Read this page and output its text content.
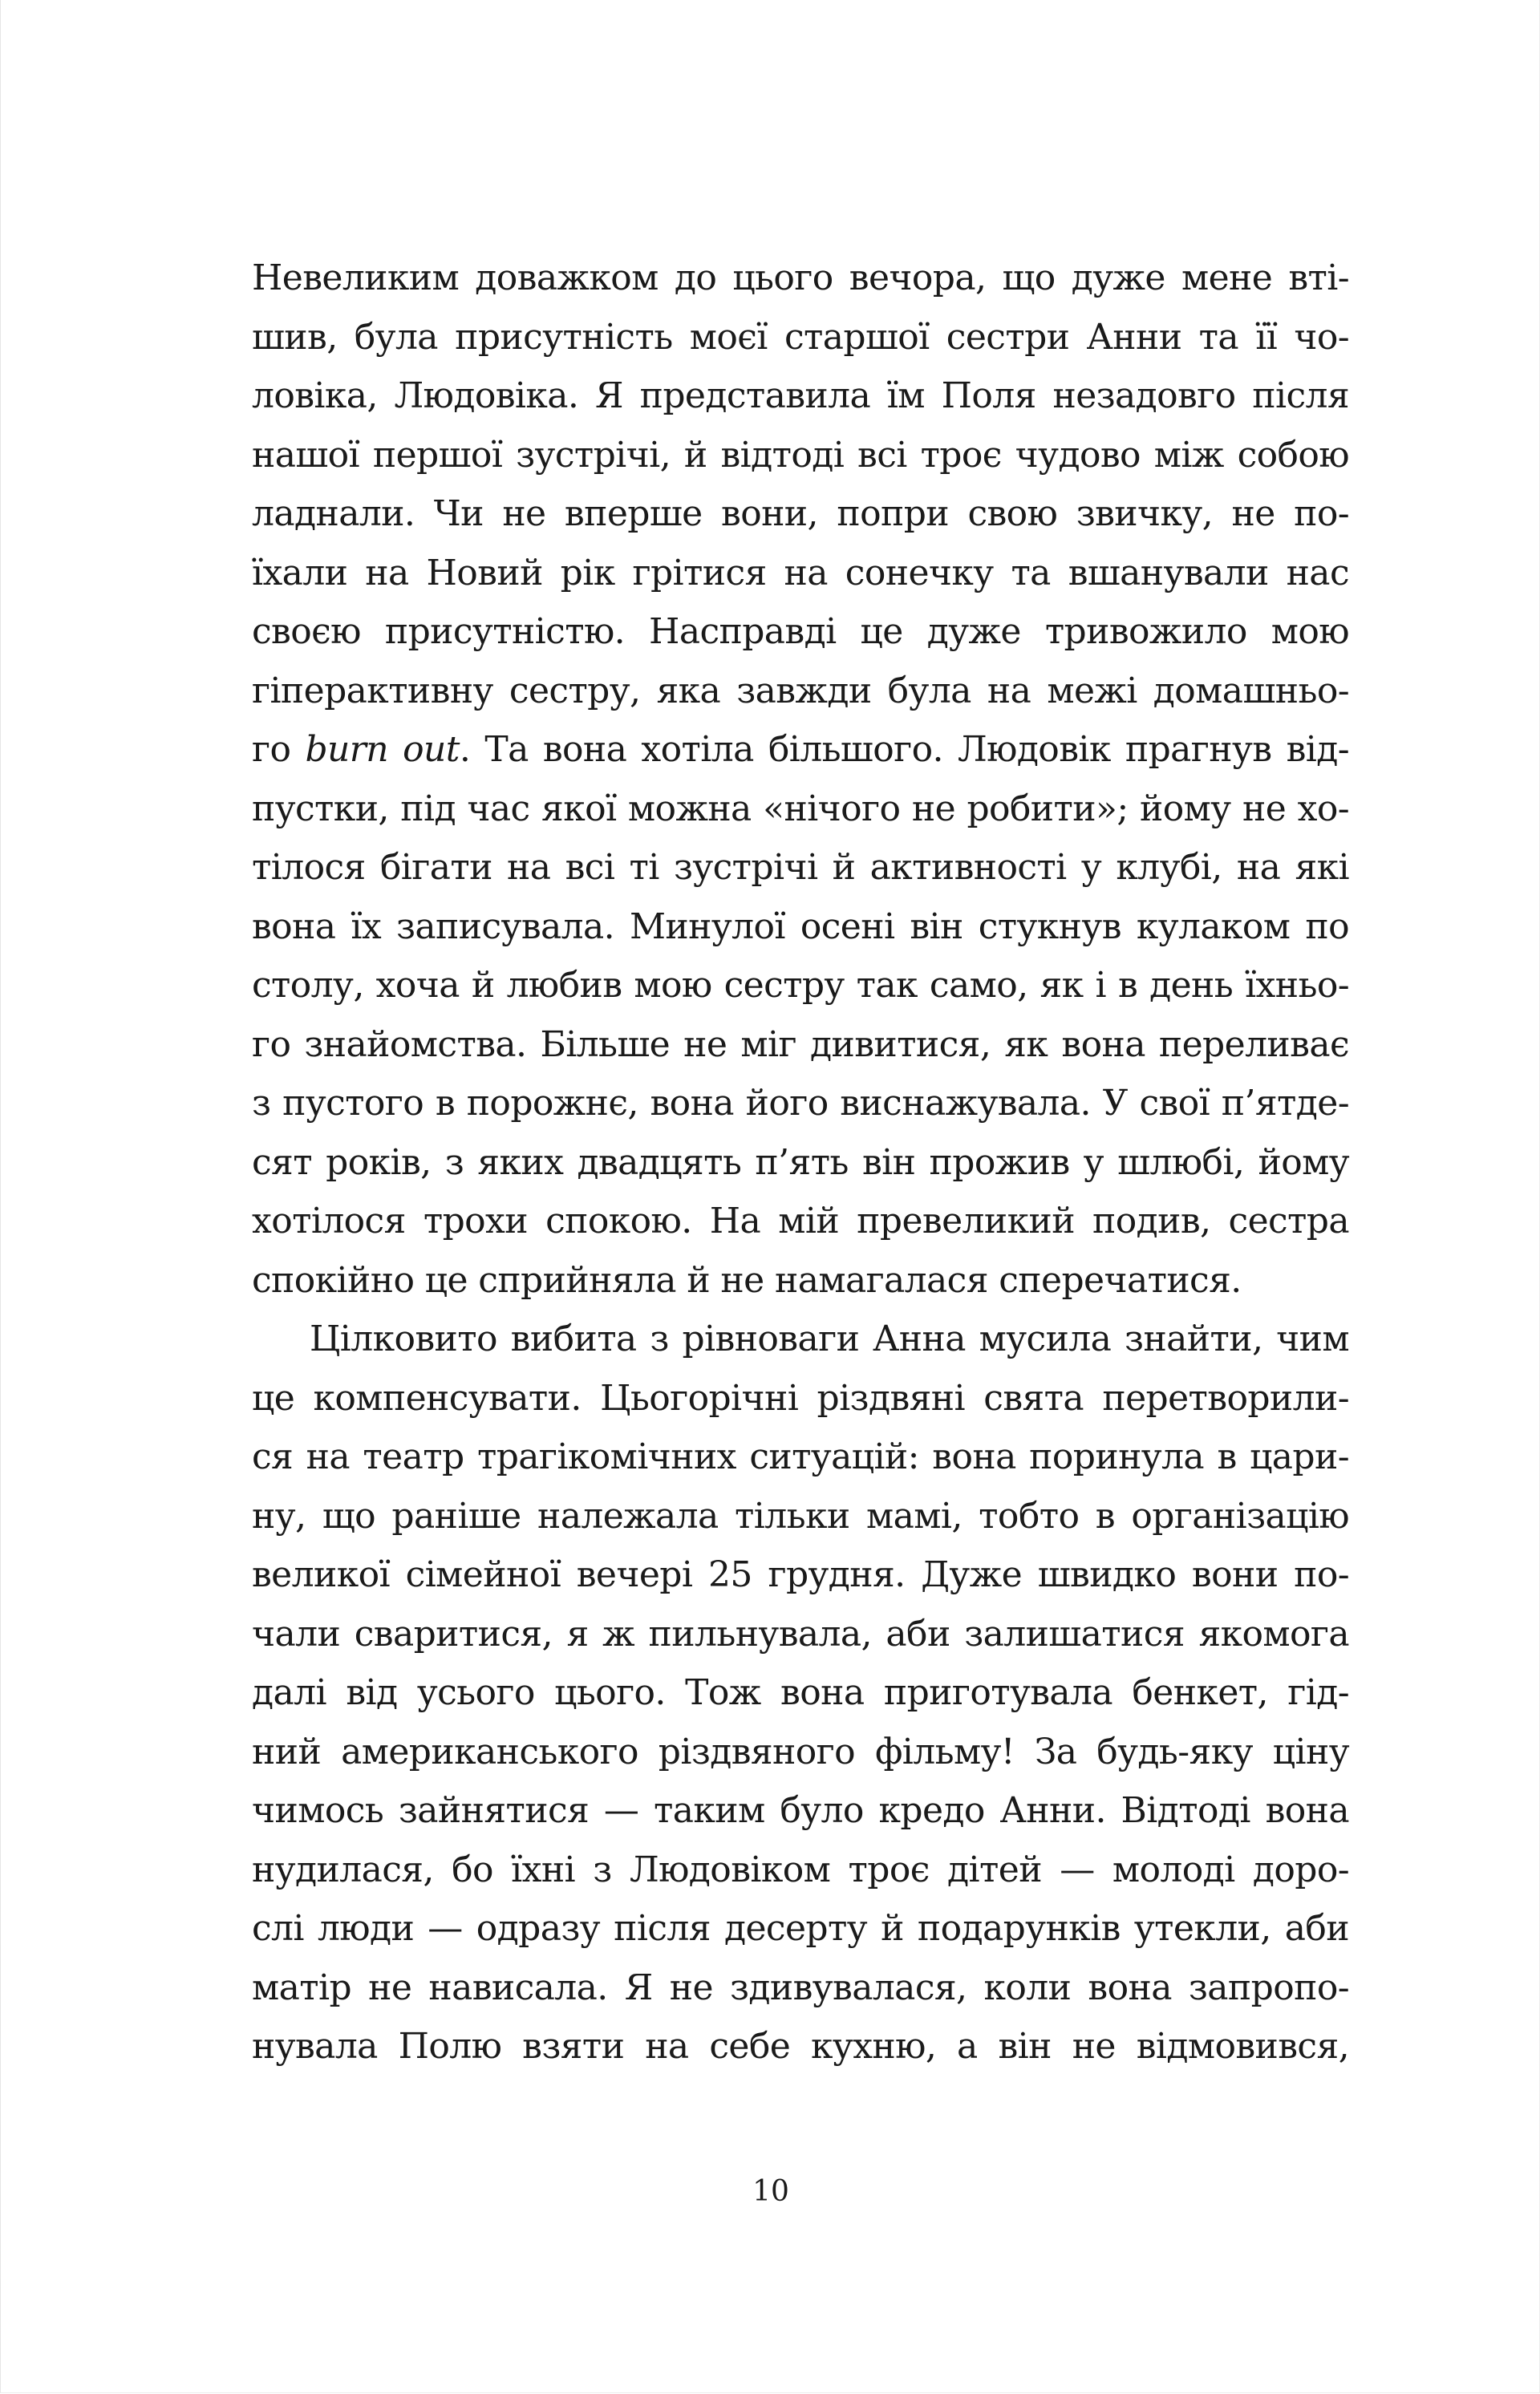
Невеликим доважком до цього вечора, що дуже мене вті-
шив, була присутність моєї старшої сестри Анни та її чо-
ловіка, Людовіка. Я представила їм Поля незадовго після
нашої першої зустрічі, й відтоді всі троє чудово між собою
ладнали. Чи не вперше вони, попри свою звичку, не по-
їхали на Новий рік грітися на сонечку та вшанували нас
своєю присутністю. Насправді це дуже тривожило мою
гіперактивну сестру, яка завжди була на межі домашньо-
го burn out. Та вона хотіла більшого. Людовік прагнув від-
пустки, під час якої можна «нічого не робити»; йому не хо-
тілося бігати на всі ті зустрічі й активності у клубі, на які
вона їх записувала. Минулої осені він стукнув кулаком по
столу, хоча й любив мою сестру так само, як і в день їхньо-
го знайомства. Більше не міг дивитися, як вона переливає
з пустого в порожнє, вона його виснажувала. У свої п’ятде-
сят років, з яких двадцять п’ять він прожив у шлюбі, йому
хотілося трохи спокою. На мій превеликий подив, сестра
спокійно це сприйняла й не намагалася сперечатися.
Цілковито вибита з рівноваги Анна мусила знайти, чим
це компенсувати. Цьогорічні різдвяні свята перетворили-
ся на театр трагікомічних ситуацій: вона поринула в цари-
ну, що раніше належала тільки мамі, тобто в організацію
великої сімейної вечері 25 грудня. Дуже швидко вони по-
чали сваритися, я ж пильнувала, аби залишатися якомога
далі від усього цього. Тож вона приготувала бенкет, гід-
ний американського різдвяного фільму! За будь-яку ціну
чимось зайнятися — таким було кредо Анни. Відтоді вона
нудилася, бо їхні з Людовіком троє дітей — молоді доро-
слі люди — одразу після десерту й подарунків утекли, аби
матір не нависала. Я не здивувалася, коли вона запропо-
нувала Полю взяти на себе кухню, а він не відмовився,
10
